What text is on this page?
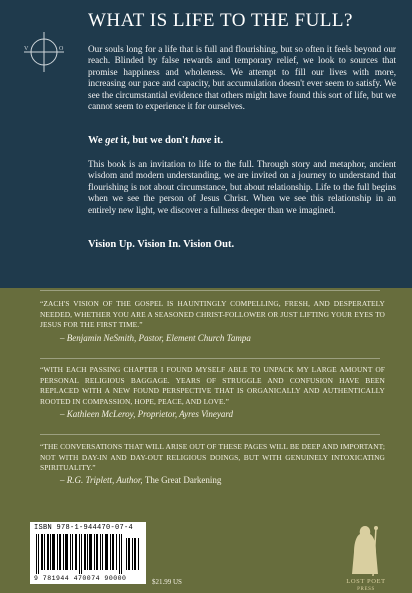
V	O
WHAT IS LIFE TO THE FULL?

Our souls long for a life that is full and flourishing, but so often it feels beyond our reach. Blinded by false rewards and temporary relief, we look to sources that promise happiness and wholeness. We attempt to fill our lives with more, increasing our pace and capacity, but accumulation doesn't ever seem to satisfy. We see the circumstantial evidence that others might have found this sort of life, but we cannot seem to experience it for ourselves.

We get it, but we don't have it.

This book is an invitation to life to the full. Through story and metaphor, ancient wisdom and modern understanding, we are invited on a journey to understand that flourishing is not about circumstance, but about relationship. Life to the full begins when we see the person of Jesus Christ. When we see this relationship in an entirely new light, we discover a fullness deeper than we imagined.

Vision Up. Vision In. Vision Out.

“ZACH'S VISION OF THE GOSPEL IS HAUNTINGLY COMPELLING, FRESH, AND DESPERATELY NEEDED, WHETHER YOU ARE A SEASONED CHRIST-FOLLOWER OR JUST LIFTING YOUR EYES TO JESUS FOR THE FIRST TIME.”

– Benjamin NeSmith, Pastor, Element Church Tampa

“WITH EACH PASSING CHAPTER I FOUND MYSELF ABLE TO UNPACK MY LARGE AMOUNT OF PERSONAL RELIGIOUS BAGGAGE. YEARS OF STRUGGLE AND CONFUSION HAVE BEEN REPLACED WITH A NEW FOUND PERSPECTIVE THAT IS ORGANICALLY AND AUTHENTICALLY ROOTED IN COMPASSION, HOPE, PEACE, AND LOVE.”

– Kathleen McLeroy, Proprietor, Ayres Vineyard

“THE CONVERSATIONS THAT WILL ARISE OUT OF THESE PAGES WILL BE DEEP AND IMPORTANT; NOT WITH DAY-IN AND DAY-OUT RELIGIOUS DOINGS, BUT WITH GENUINELY INTOXICATING SPIRITUALITY.”

– R.G. Triplett, Author, The Great Darkening

ISBN 978-1-944470-07-4
9 781944 470074 90000	$21.99 US	LOST POET
PRESS
